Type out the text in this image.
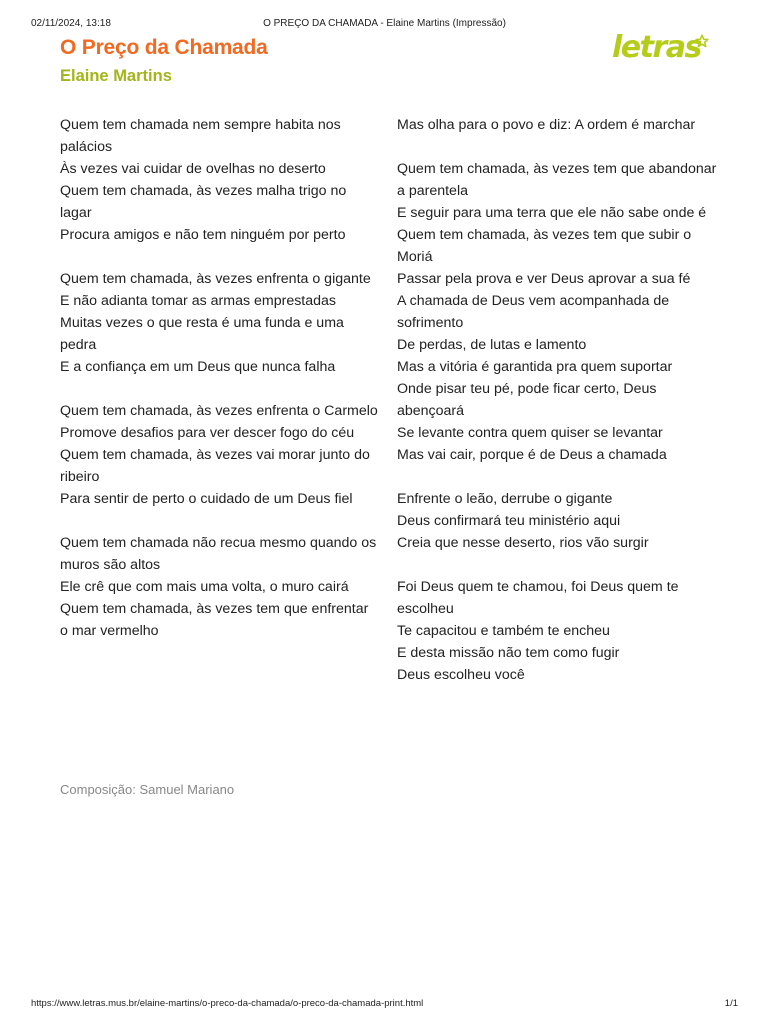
02/11/2024, 13:18	O PREÇO DA CHAMADA - Elaine Martins (Impressão)
O Preço da Chamada
Elaine Martins
letras

Quem tem chamada nem sempre habita nos palácios
Às vezes vai cuidar de ovelhas no deserto
Quem tem chamada, às vezes malha trigo no lagar
Procura amigos e não tem ninguém por perto

Quem tem chamada, às vezes enfrenta o gigante
E não adianta tomar as armas emprestadas
Muitas vezes o que resta é uma funda e uma pedra
E a confiança em um Deus que nunca falha

Quem tem chamada, às vezes enfrenta o Carmelo
Promove desafios para ver descer fogo do céu
Quem tem chamada, às vezes vai morar junto do ribeiro
Para sentir de perto o cuidado de um Deus fiel

Quem tem chamada não recua mesmo quando os muros são altos
Ele crê que com mais uma volta, o muro cairá
Quem tem chamada, às vezes tem que enfrentar o mar vermelho

Mas olha para o povo e diz: A ordem é marchar

Quem tem chamada, às vezes tem que abandonar a parentela
E seguir para uma terra que ele não sabe onde é
Quem tem chamada, às vezes tem que subir o Moriá
Passar pela prova e ver Deus aprovar a sua fé
A chamada de Deus vem acompanhada de sofrimento
De perdas, de lutas e lamento
Mas a vitória é garantida pra quem suportar
Onde pisar teu pé, pode ficar certo, Deus abençoará
Se levante contra quem quiser se levantar
Mas vai cair, porque é de Deus a chamada

Enfrente o leão, derrube o gigante
Deus confirmará teu ministério aqui
Creia que nesse deserto, rios vão surgir

Foi Deus quem te chamou, foi Deus quem te escolheu
Te capacitou e também te encheu
E desta missão não tem como fugir
Deus escolheu você

Composição: Samuel Mariano
https://www.letras.mus.br/elaine-martins/o-preco-da-chamada/o-preco-da-chamada-print.html	1/1
